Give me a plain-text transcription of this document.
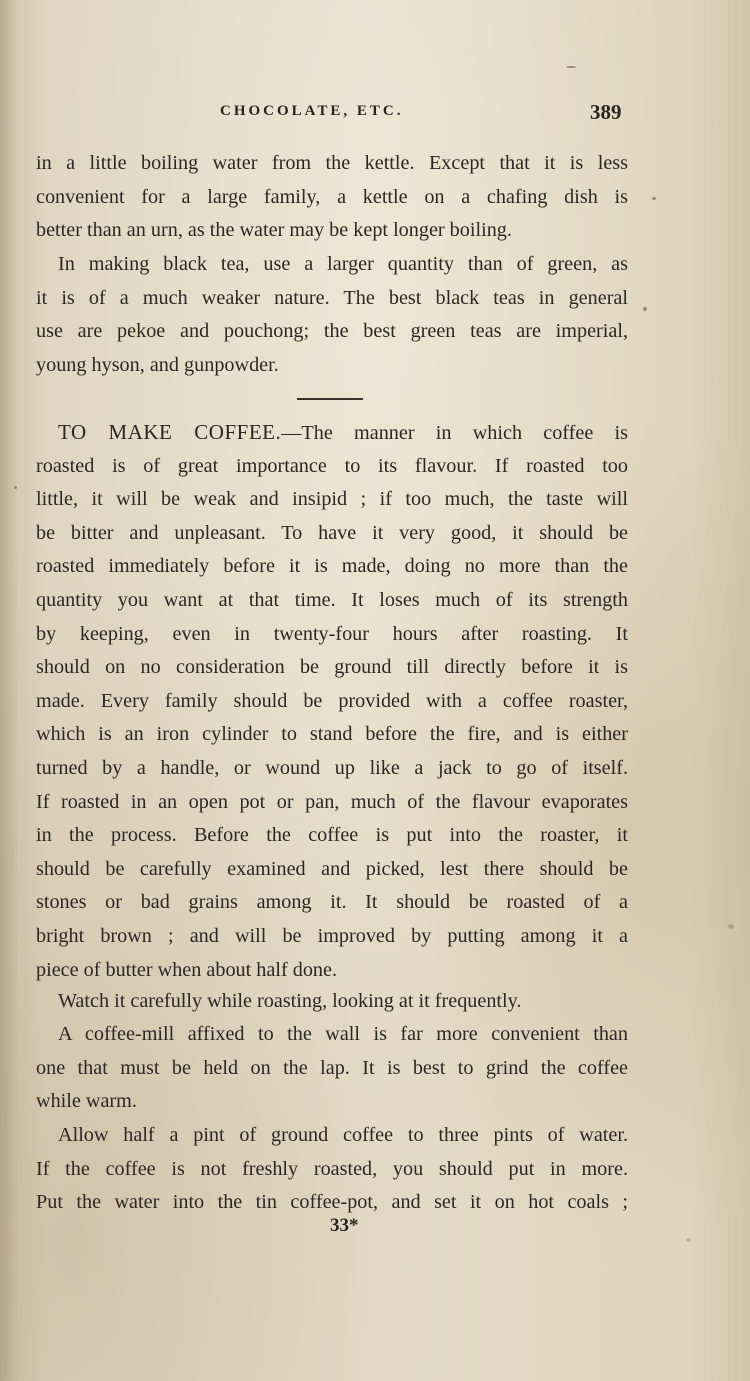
CHOCOLATE, ETC.	389
in a little boiling water from the kettle. Except that it is less
convenient for a large family, a kettle on a chafing dish is
better than an urn, as the water may be kept longer boiling.
In making black tea, use a larger quantity than of green, as
it is of a much weaker nature. The best black teas in general
use are pekoe and pouchong; the best green teas are imperial,
young hyson, and gunpowder.
TO MAKE COFFEE.—The manner in which coffee is
roasted is of great importance to its flavour. If roasted too
little, it will be weak and insipid ; if too much, the taste will
be bitter and unpleasant. To have it very good, it should be
roasted immediately before it is made, doing no more than the
quantity you want at that time. It loses much of its strength
by keeping, even in twenty-four hours after roasting. It
should on no consideration be ground till directly before it is
made. Every family should be provided with a coffee roaster,
which is an iron cylinder to stand before the fire, and is either
turned by a handle, or wound up like a jack to go of itself.
If roasted in an open pot or pan, much of the flavour evaporates
in the process. Before the coffee is put into the roaster, it
should be carefully examined and picked, lest there should be
stones or bad grains among it. It should be roasted of a
bright brown ; and will be improved by putting among it a
piece of butter when about half done.
Watch it carefully while roasting, looking at it frequently.
A coffee-mill affixed to the wall is far more convenient than
one that must be held on the lap. It is best to grind the coffee
while warm.
Allow half a pint of ground coffee to three pints of water.
If the coffee is not freshly roasted, you should put in more.
Put the water into the tin coffee-pot, and set it on hot coals ;
33*
